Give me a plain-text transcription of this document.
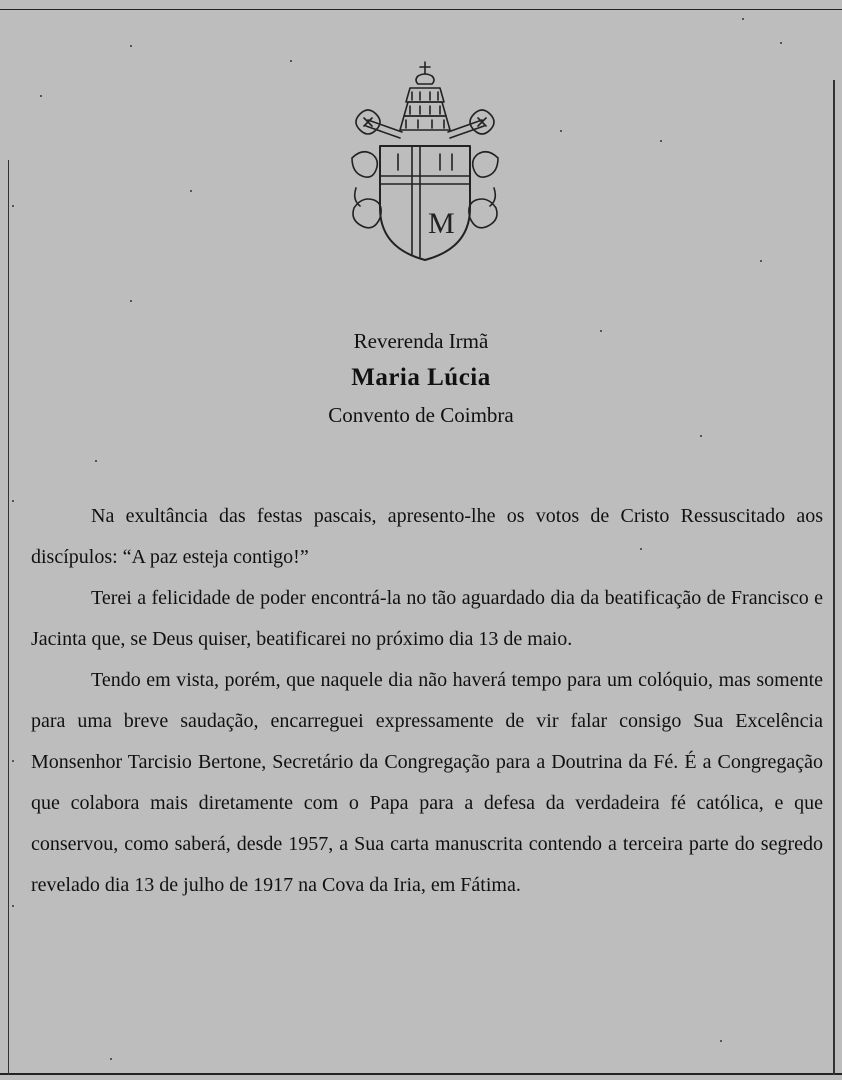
M
Reverenda Irmã
Maria Lúcia
Convento de Coimbra

Na exultância das festas pascais, apresento-lhe os votos de Cristo Ressuscitado aos discípulos: “A paz esteja contigo!”

Terei a felicidade de poder encontrá-la no tão aguardado dia da beatificação de Francisco e Jacinta que, se Deus quiser, beatificarei no próximo dia 13 de maio.

Tendo em vista, porém, que naquele dia não haverá tempo para um colóquio, mas somente para uma breve saudação, encarreguei expressamente de vir falar consigo Sua Excelência Monsenhor Tarcisio Bertone, Secretário da Congregação para a Doutrina da Fé. É a Congregação que colabora mais diretamente com o Papa para a defesa da verdadeira fé católica, e que conservou, como saberá, desde 1957, a Sua carta manuscrita contendo a terceira parte do segredo revelado dia 13 de julho de 1917 na Cova da Iria, em Fátima.
